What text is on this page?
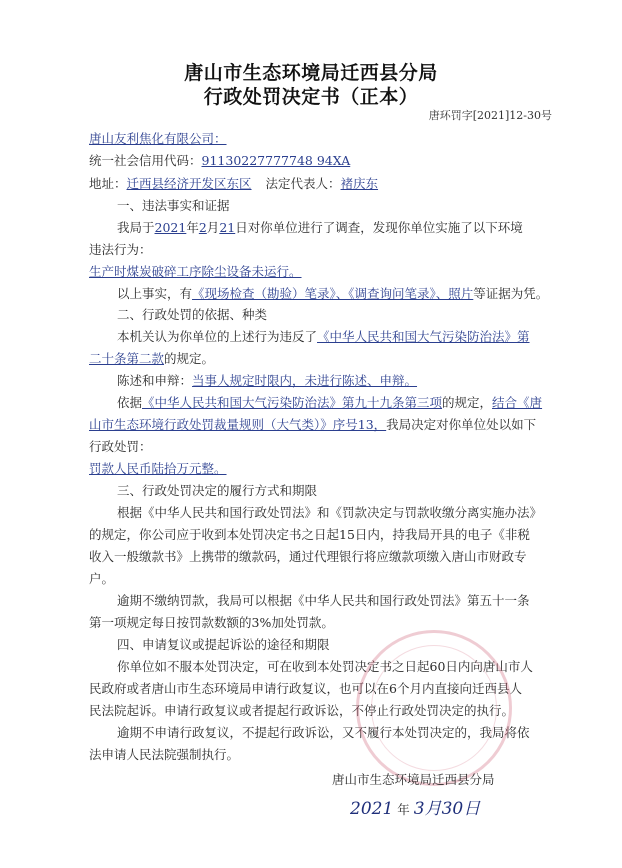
唐山市生态环境局迁西县分局
行政处罚决定书（正本）
唐环罚字[2021]12-30号
唐山友利焦化有限公司：
统一社会信用代码：91130227777748 94XA
地址：迁西县经济开发区东区 法定代表人：褚庆东
一、违法事实和证据
我局于2021年2月21日对你单位进行了调查，发现你单位实施了以下环境
违法行为：
生产时煤炭破碎工序除尘设备未运行。
以上事实，有《现场检查（勘验）笔录》、《调查询问笔录》、照片等证据为凭。
二、行政处罚的依据、种类
本机关认为你单位的上述行为违反了《中华人民共和国大气污染防治法》第
二十条第二款的规定。
陈述和申辩：当事人规定时限内，未进行陈述、申辩。
依据《中华人民共和国大气污染防治法》第九十九条第三项的规定，结合《唐
山市生态环境行政处罚裁量规则（大气类）》序号13，我局决定对你单位处以如下
行政处罚：
罚款人民币陆拾万元整。
三、行政处罚决定的履行方式和期限
根据《中华人民共和国行政处罚法》和《罚款决定与罚款收缴分离实施办法》
的规定，你公司应于收到本处罚决定书之日起15日内，持我局开具的电子《非税
收入一般缴款书》上携带的缴款码，通过代理银行将应缴款项缴入唐山市财政专
户。
逾期不缴纳罚款，我局可以根据《中华人民共和国行政处罚法》第五十一条
第一项规定每日按罚款数额的3%加处罚款。
四、申请复议或提起诉讼的途径和期限
你单位如不服本处罚决定，可在收到本处罚决定书之日起60日内向唐山市人
民政府或者唐山市生态环境局申请行政复议，也可以在6个月内直接向迁西县人
民法院起诉。申请行政复议或者提起行政诉讼，不停止行政处罚决定的执行。
逾期不申请行政复议，不提起行政诉讼，又不履行本处罚决定的，我局将依
法申请人民法院强制执行。
唐山市生态环境局迁西县分局
2021 年 3月30日
